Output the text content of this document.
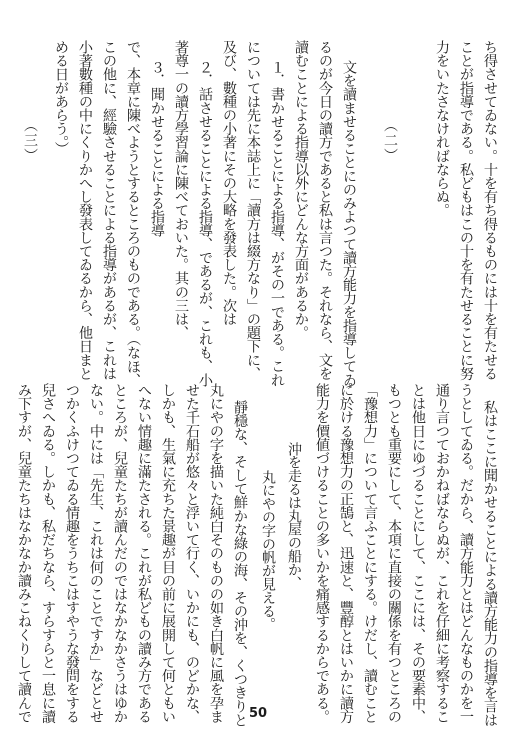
ち得させてゐない。十を有ち得るものには十を有たせる
ことが指導である。私どもはこの十を有たせることに努
力をいたさなければならぬ。
（二）
文を讀ませることにのみよつて讀方能力を指導してゐ
るのが今日の讀方であると私は言つた。それなら、文を
讀むことによる指導以外にどんな方面があるか。
１．書かせることによる指導、がその一である。これ
については先に本誌上に「讀方は綴方なり」の題下に、
及び、數種の小著にその大略を發表した。次は
２．話させることによる指導、であるが、これも、小
著尊一の讀方學習論に陳べておいた。其の三は、
３．聞かせることによる指導
で、本章に陳べようとするところのものである。（なほ、
この他に、經驗させることによる指導があるが、これは
小著數種の中にくりかへし發表してゐるから、他日まと
める日があらう。）
（三）
私はここに聞かせることによる讀方能力の指導を言は
うとしてゐる。だから、讀方能力とはどんなものかを一
通り言つておかねばならぬが、これを仔細に考察するこ
とは他日にゆづることにして、ここには、その要素中、
もつとも重要にして、本項に直接の關係を有つところの
「豫想力」について言ふことにする。けだし、讀むこと
に於ける豫想力の正鵠と、迅速と、豐醇とはいかに讀方
能力を價値づけることの多いかを痛感するからである。
沖を走るは丸屋の船か、
丸にやの字の帆が見える。
靜穩な、そして鮮かな綠の海、その沖を、くつきりと
丸にやの字を描いた純白そのものの如き白帆に風を孕ま
せた千石船が悠々と浮いて行く、いかにも、のどかな、
しかも、生氣に充ちた景趣が目の前に展開して何ともい
へない情趣に滿たされる。これが私どもの讀み方である
ところが、兒童たちが讀んだのではなかなかさうはゆか
ない。中には「先生、これは何のことですか」などとせ
つかくふけつてゐる情趣をうちこはすやうな發問をする
兒さへゐる。しかも、私だちなら、すらすらと一息に讀
み下すが、兒童たちはなかなか讀みこねくりして讀んで	50
